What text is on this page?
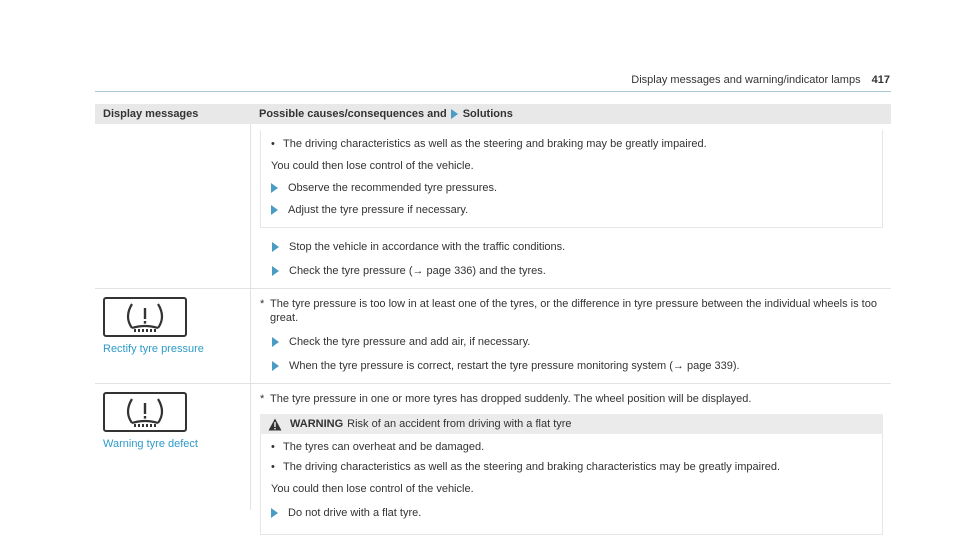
Display messages and warning/indicator lamps 417
Display messages	Possible causes/consequences and Solutions
• The driving characteristics as well as the steering and braking may be greatly impaired.
You could then lose control of the vehicle.
Observe the recommended tyre pressures.
Adjust the tyre pressure if necessary.
Stop the vehicle in accordance with the traffic conditions.
Check the tyre pressure (→ page 336) and the tyres.
Rectify tyre pressure
* The tyre pressure is too low in at least one of the tyres, or the difference in tyre pressure between the individual wheels is too great.
Check the tyre pressure and add air, if necessary.
When the tyre pressure is correct, restart the tyre pressure monitoring system (→ page 339).
Warning tyre defect
* The tyre pressure in one or more tyres has dropped suddenly. The wheel position will be displayed.
WARNING Risk of an accident from driving with a flat tyre
• The tyres can overheat and be damaged.
• The driving characteristics as well as the steering and braking characteristics may be greatly impaired.
You could then lose control of the vehicle.
Do not drive with a flat tyre.
